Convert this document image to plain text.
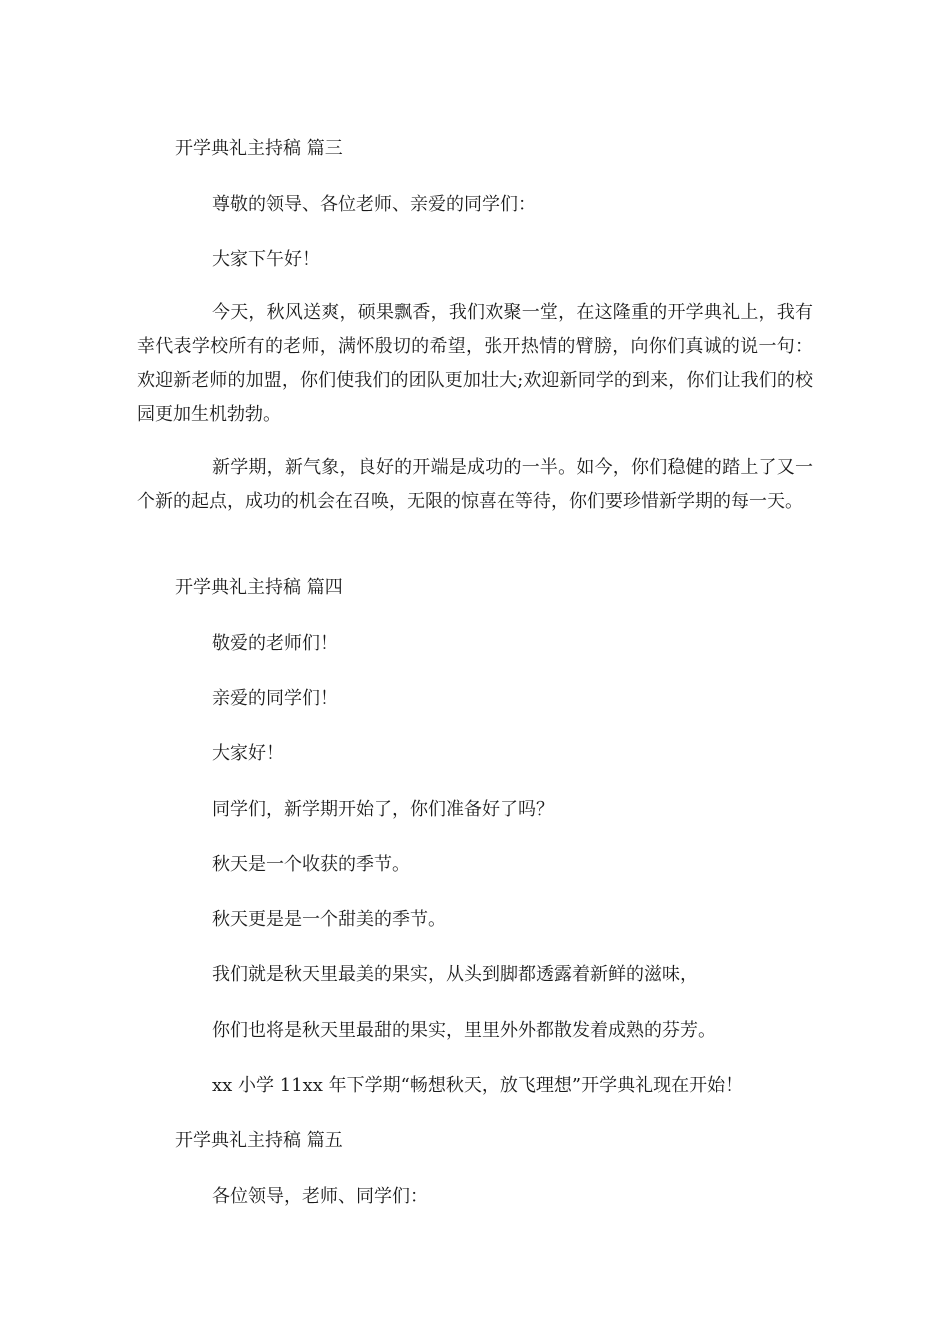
开学典礼主持稿 篇三
尊敬的领导、各位老师、亲爱的同学们：
大家下午好！
今天，秋风送爽，硕果飘香，我们欢聚一堂，在这隆重的开学典礼上，我有幸代表学校所有的老师，满怀殷切的希望，张开热情的臂膀，向你们真诚的说一句：欢迎新老师的加盟，你们使我们的团队更加壮大;欢迎新同学的到来，你们让我们的校园更加生机勃勃。
新学期，新气象，良好的开端是成功的一半。如今，你们稳健的踏上了又一个新的起点，成功的机会在召唤，无限的惊喜在等待，你们要珍惜新学期的每一天。
开学典礼主持稿 篇四
敬爱的老师们！
亲爱的同学们！
大家好！
同学们，新学期开始了，你们准备好了吗？
秋天是一个收获的季节。
秋天更是是一个甜美的季节。
我们就是秋天里最美的果实，从头到脚都透露着新鲜的滋味，
你们也将是秋天里最甜的果实，里里外外都散发着成熟的芬芳。
xx 小学 11xx 年下学期“畅想秋天，放飞理想”开学典礼现在开始！
开学典礼主持稿 篇五
各位领导，老师、同学们：
